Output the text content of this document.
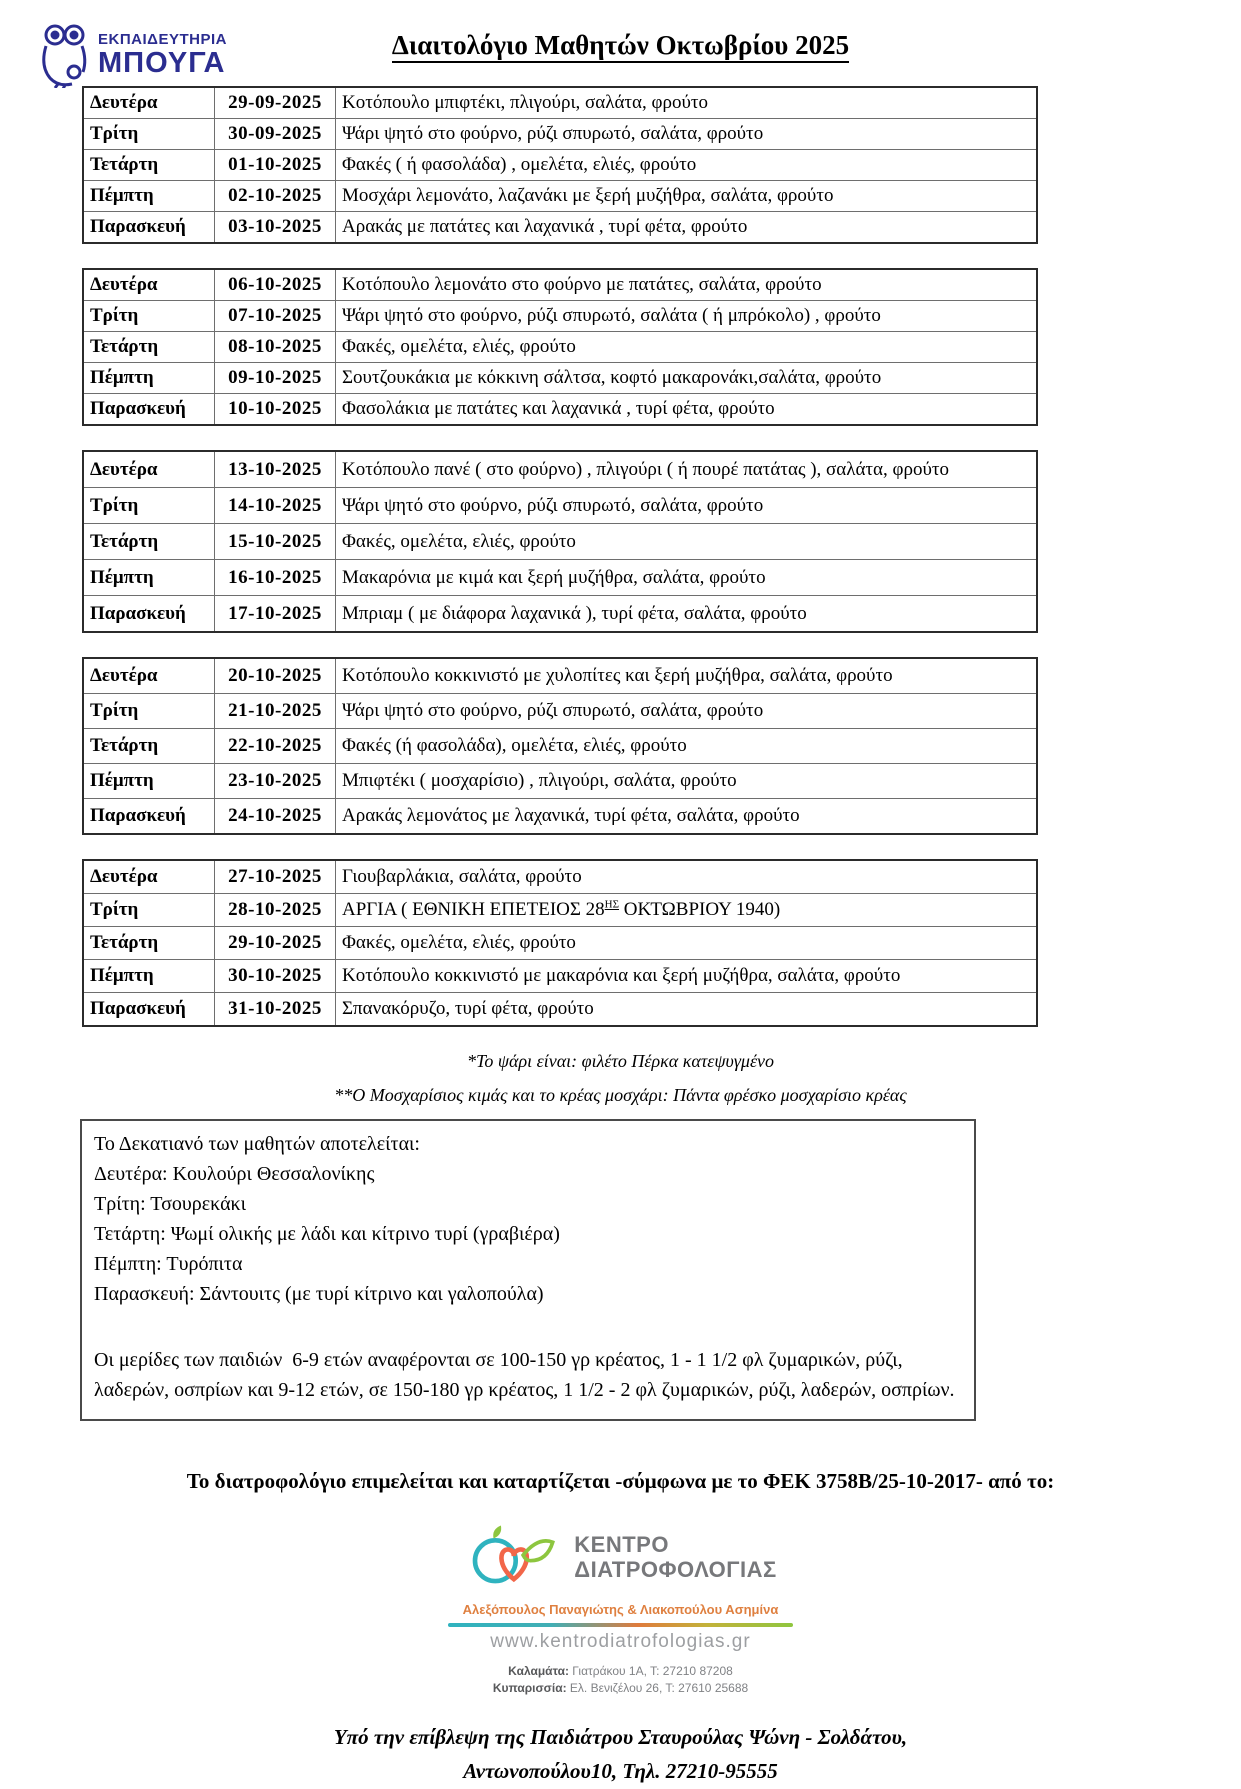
ΕΚΠΑΙΔΕΥΤΗΡΙΑ
ΜΠΟΥΓΑ
Διαιτολόγιο Μαθητών Οκτωβρίου 2025
Δευτέρα	29-09-2025	Κοτόπουλο μπιφτέκι, πλιγούρι, σαλάτα, φρούτο
Τρίτη	30-09-2025	Ψάρι ψητό στο φούρνο, ρύζι σπυρωτό, σαλάτα, φρούτο
Τετάρτη	01-10-2025	Φακές ( ή φασολάδα) , ομελέτα, ελιές, φρούτο
Πέμπτη	02-10-2025	Μοσχάρι λεμονάτο, λαζανάκι με ξερή μυζήθρα, σαλάτα, φρούτο
Παρασκευή	03-10-2025	Αρακάς με πατάτες και λαχανικά , τυρί φέτα, φρούτο
Δευτέρα	06-10-2025	Κοτόπουλο λεμονάτο στο φούρνο με πατάτες, σαλάτα, φρούτο
Τρίτη	07-10-2025	Ψάρι ψητό στο φούρνο, ρύζι σπυρωτό, σαλάτα ( ή μπρόκολο) , φρούτο
Τετάρτη	08-10-2025	Φακές, ομελέτα, ελιές, φρούτο
Πέμπτη	09-10-2025	Σουτζουκάκια με κόκκινη σάλτσα, κοφτό μακαρονάκι,σαλάτα, φρούτο
Παρασκευή	10-10-2025	Φασολάκια με πατάτες και λαχανικά , τυρί φέτα, φρούτο
Δευτέρα	13-10-2025	Κοτόπουλο πανέ ( στο φούρνο) , πλιγούρι ( ή πουρέ πατάτας ), σαλάτα, φρούτο
Τρίτη	14-10-2025	Ψάρι ψητό στο φούρνο, ρύζι σπυρωτό, σαλάτα, φρούτο
Τετάρτη	15-10-2025	Φακές, ομελέτα, ελιές, φρούτο
Πέμπτη	16-10-2025	Μακαρόνια με κιμά και ξερή μυζήθρα, σαλάτα, φρούτο
Παρασκευή	17-10-2025	Μπριαμ ( με διάφορα λαχανικά ), τυρί φέτα, σαλάτα, φρούτο
Δευτέρα	20-10-2025	Κοτόπουλο κοκκινιστό με χυλοπίτες και ξερή μυζήθρα, σαλάτα, φρούτο
Τρίτη	21-10-2025	Ψάρι ψητό στο φούρνο, ρύζι σπυρωτό, σαλάτα, φρούτο
Τετάρτη	22-10-2025	Φακές (ή φασολάδα), ομελέτα, ελιές, φρούτο
Πέμπτη	23-10-2025	Μπιφτέκι ( μοσχαρίσιο) , πλιγούρι, σαλάτα, φρούτο
Παρασκευή	24-10-2025	Αρακάς λεμονάτος με λαχανικά, τυρί φέτα, σαλάτα, φρούτο
Δευτέρα	27-10-2025	Γιουβαρλάκια, σαλάτα, φρούτο
Τρίτη	28-10-2025	ΑΡΓΙΑ ( ΕΘΝΙΚΗ ΕΠΕΤΕΙΟΣ $28^{H\Sigma}$ ΟΚΤΩΒΡΙΟΥ 1940)
Τετάρτη	29-10-2025	Φακές, ομελέτα, ελιές, φρούτο
Πέμπτη	30-10-2025	Κοτόπουλο κοκκινιστό με μακαρόνια και ξερή μυζήθρα, σαλάτα, φρούτο
Παρασκευή	31-10-2025	Σπανακόρυζο, τυρί φέτα, φρούτο
*Το ψάρι είναι: φιλέτο Πέρκα κατεψυγμένο
**Ο Μοσχαρίσιος κιμάς και το κρέας μοσχάρι: Πάντα φρέσκο μοσχαρίσιο κρέας
Το Δεκατιανό των μαθητών αποτελείται:
Δευτέρα: Κουλούρι Θεσσαλονίκης
Τρίτη: Τσουρεκάκι
Τετάρτη: Ψωμί ολικής με λάδι και κίτρινο τυρί (γραβιέρα)
Πέμπτη: Τυρόπιτα
Παρασκευή: Σάντουιτς (με τυρί κίτρινο και γαλοπούλα)
Οι μερίδες των παιδιών  6-9 ετών αναφέρονται σε 100-150 γρ κρέατος, 1 - 1 1/2 φλ ζυμαρικών, ρύζι, λαδερών, οσπρίων και 9-12 ετών, σε 150-180 γρ κρέατος, 1 1/2 - 2 φλ ζυμαρικών, ρύζι, λαδερών, οσπρίων.
Το διατροφολόγιο επιμελείται και καταρτίζεται -σύμφωνα με το ΦΕΚ 3758Β/25-10-2017- από το:
ΚΕΝΤΡΟ
ΔΙΑΤΡΟΦΟΛΟΓΙΑΣ
Αλεξόπουλος Παναγιώτης & Λιακοπούλου Ασημίνα
www.kentrodiatrofologias.gr
Καλαμάτα: Γιατράκου 1Α, Τ: 27210 87208
Κυπαρισσία: Ελ. Βενιζέλου 26, Τ: 27610 25688
Υπό την επίβλεψη της Παιδιάτρου Σταυρούλας Ψώνη - Σολδάτου,
Αντωνοπούλου10, Τηλ. 27210-95555
